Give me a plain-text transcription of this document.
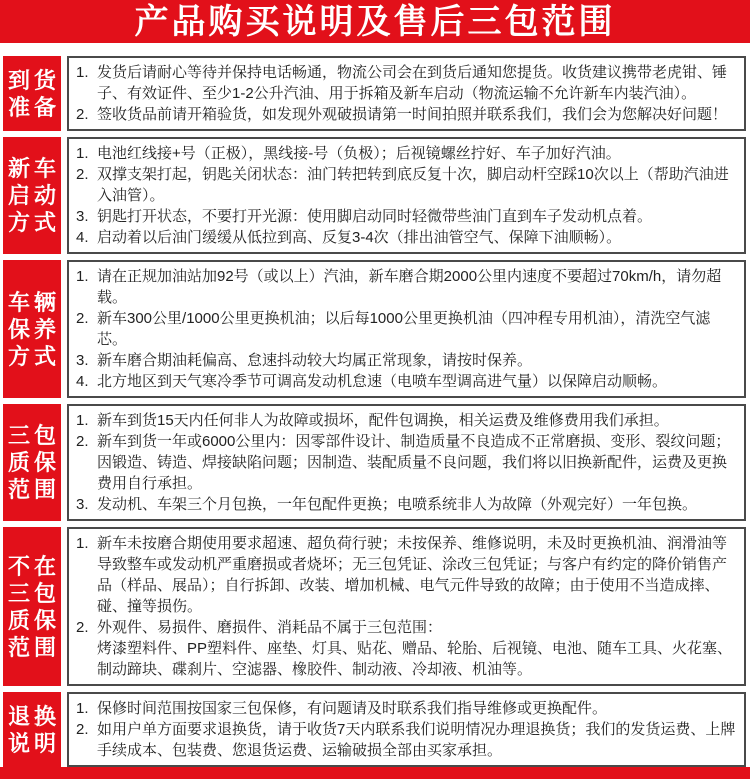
产品购买说明及售后三包范围
到 货
准 备
1. 发货后请耐心等待并保持电话畅通，物流公司会在到货后通知您提货。收货建议携带老虎钳、锤子、有效证件、至少1-2公升汽油、用于拆箱及新车启动（物流运输不允许新车内装汽油）。
2. 签收货品前请开箱验货，如发现外观破损请第一时间拍照并联系我们，我们会为您解决好问题！
新 车
启 动
方 式
1. 电池红线接+号（正极），黑线接-号（负极）；后视镜螺丝拧好、车子加好汽油。
2. 双撑支架打起，钥匙关闭状态：油门转把转到底反复十次，脚启动杆空踩10次以上（帮助汽油进入油管）。
3. 钥匙打开状态，不要打开光源：使用脚启动同时轻微带些油门直到车子发动机点着。
4. 启动着以后油门缓缓从低拉到高、反复3-4次（排出油管空气、保障下油顺畅）。
车 辆
保 养
方 式
1. 请在正规加油站加92号（或以上）汽油，新车磨合期2000公里内速度不要超过70km/h，请勿超载。
2. 新车300公里/1000公里更换机油；以后每1000公里更换机油（四冲程专用机油），清洗空气滤芯。
3. 新车磨合期油耗偏高、怠速抖动较大均属正常现象，请按时保养。
4. 北方地区到天气寒冷季节可调高发动机怠速（电喷车型调高进气量）以保障启动顺畅。
三 包
质 保
范 围
1. 新车到货15天内任何非人为故障或损坏，配件包调换，相关运费及维修费用我们承担。
2. 新车到货一年或6000公里内：因零部件设计、制造质量不良造成不正常磨损、变形、裂纹问题；因锻造、铸造、焊接缺陷问题；因制造、装配质量不良问题，我们将以旧换新配件，运费及更换费用自行承担。
3. 发动机、车架三个月包换，一年包配件更换；电喷系统非人为故障（外观完好）一年包换。
不 在
三 包
质 保
范 围
1. 新车未按磨合期使用要求超速、超负荷行驶；未按保养、维修说明，未及时更换机油、润滑油等导致整车或发动机严重磨损或者烧坏；无三包凭证、涂改三包凭证；与客户有约定的降价销售产品（样品、展品）；自行拆卸、改装、增加机械、电气元件导致的故障；由于使用不当造成摔、碰、撞等损伤。
2. 外观件、易损件、磨损件、消耗品不属于三包范围：
烤漆塑料件、PP塑料件、座垫、灯具、贴花、赠品、轮胎、后视镜、电池、随车工具、火花塞、制动蹄块、碟刹片、空滤器、橡胶件、制动液、冷却液、机油等。
退 换
说 明
1. 保修时间范围按国家三包保修，有问题请及时联系我们指导维修或更换配件。
2. 如用户单方面要求退换货，请于收货7天内联系我们说明情况办理退换货；我们的发货运费、上牌手续成本、包装费、您退货运费、运输破损全部由买家承担。
